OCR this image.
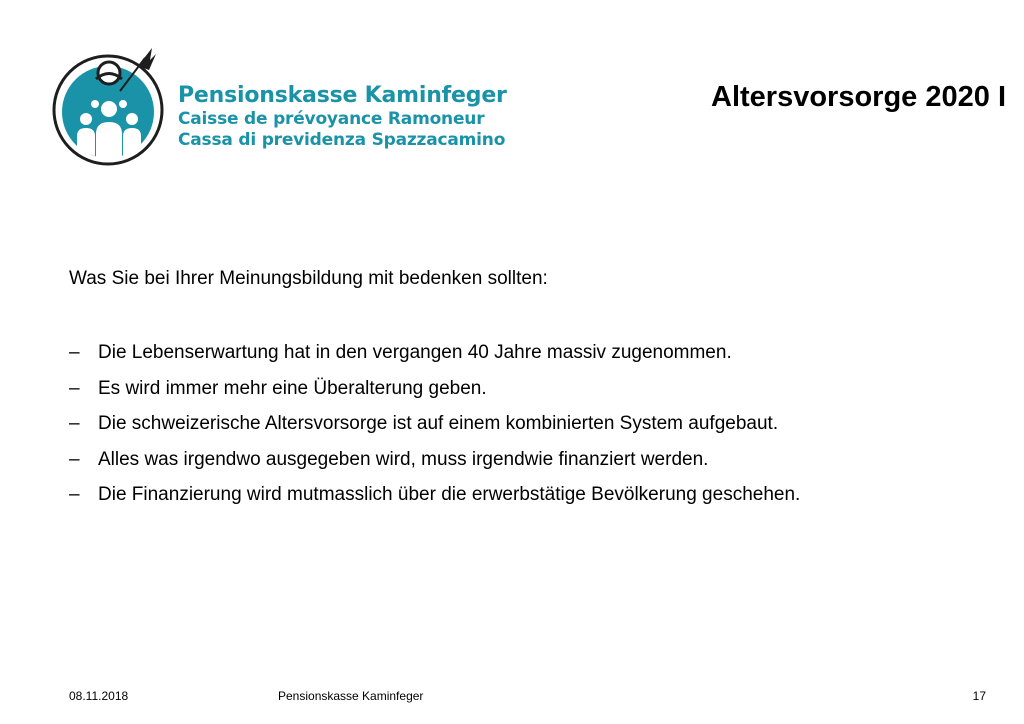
Pensionskasse Kaminfeger
Caisse de prévoyance Ramoneur
Cassa di previdenza Spazzacamino
Altersvorsorge 2020 I
Was Sie bei Ihrer Meinungsbildung mit bedenken sollten:
– Die Lebenserwartung hat in den vergangen 40 Jahre massiv zugenommen.
– Es wird immer mehr eine Überalterung geben.
– Die schweizerische Altersvorsorge ist auf einem kombinierten System aufgebaut.
– Alles was irgendwo ausgegeben wird, muss irgendwie finanziert werden.
– Die Finanzierung wird mutmasslich über die erwerbstätige Bevölkerung geschehen.
08.11.2018	Pensionskasse Kaminfeger	17
